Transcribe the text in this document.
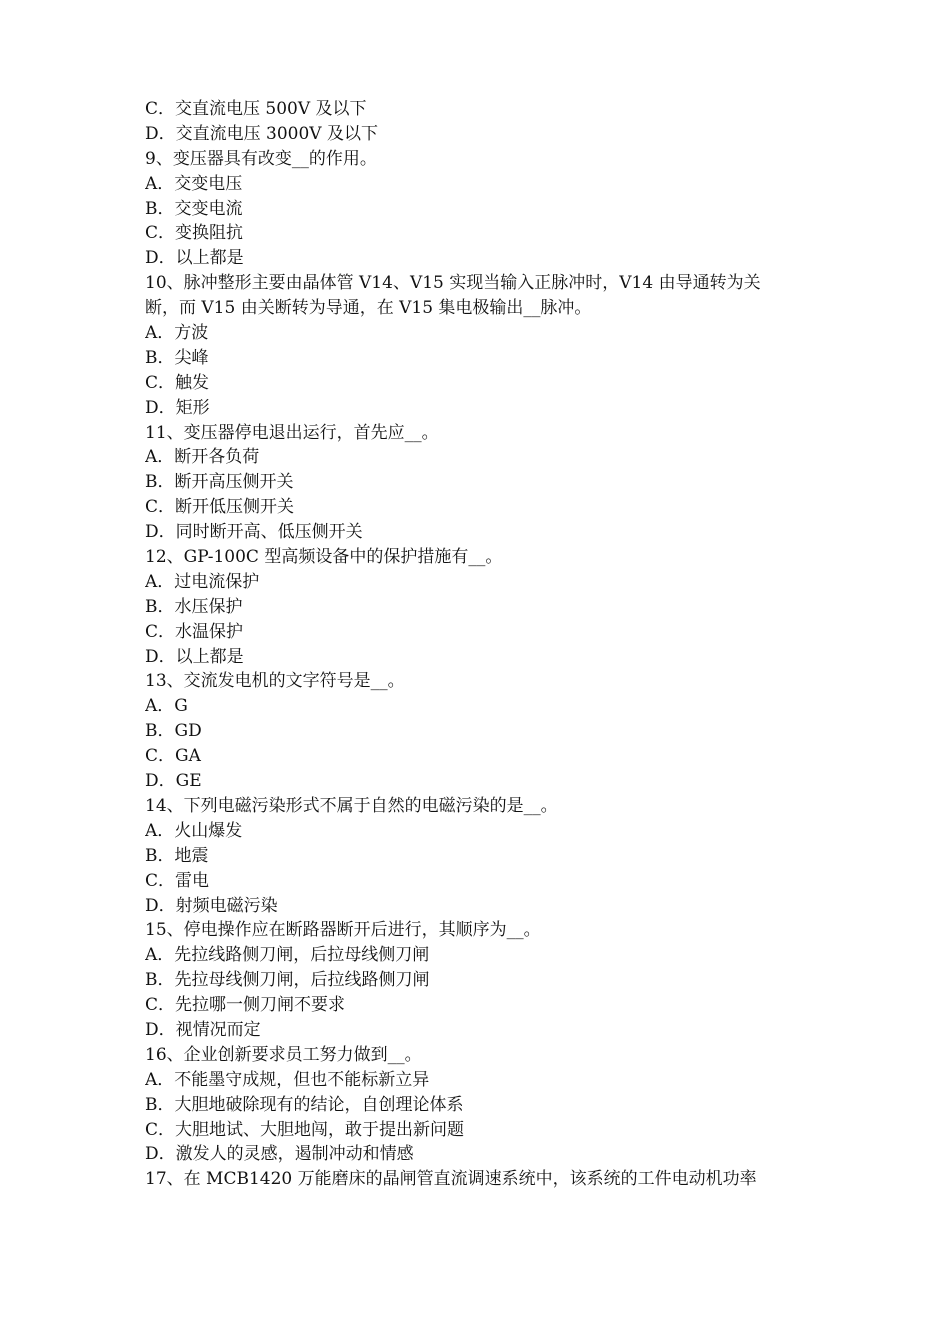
C．交直流电压 500V 及以下
D．交直流电压 3000V 及以下
9、变压器具有改变__的作用。
A．交变电压
B．交变电流
C．变换阻抗
D．以上都是
10、脉冲整形主要由晶体管 V14、V15 实现当输入正脉冲时，V14 由导通转为关
断，而 V15 由关断转为导通，在 V15 集电极输出__脉冲。
A．方波
B．尖峰
C．触发
D．矩形
11、变压器停电退出运行，首先应__。
A．断开各负荷
B．断开高压侧开关
C．断开低压侧开关
D．同时断开高、低压侧开关
12、GP-100C 型高频设备中的保护措施有__。
A．过电流保护
B．水压保护
C．水温保护
D．以上都是
13、交流发电机的文字符号是__。
A．G
B．GD
C．GA
D．GE
14、下列电磁污染形式不属于自然的电磁污染的是__。
A．火山爆发
B．地震
C．雷电
D．射频电磁污染
15、停电操作应在断路器断开后进行，其顺序为__。
A．先拉线路侧刀闸，后拉母线侧刀闸
B．先拉母线侧刀闸，后拉线路侧刀闸
C．先拉哪一侧刀闸不要求
D．视情况而定
16、企业创新要求员工努力做到__。
A．不能墨守成规，但也不能标新立异
B．大胆地破除现有的结论，自创理论体系
C．大胆地试、大胆地闯，敢于提出新问题
D．激发人的灵感，遏制冲动和情感
17、在 MCB1420 万能磨床的晶闸管直流调速系统中，该系统的工件电动机功率
